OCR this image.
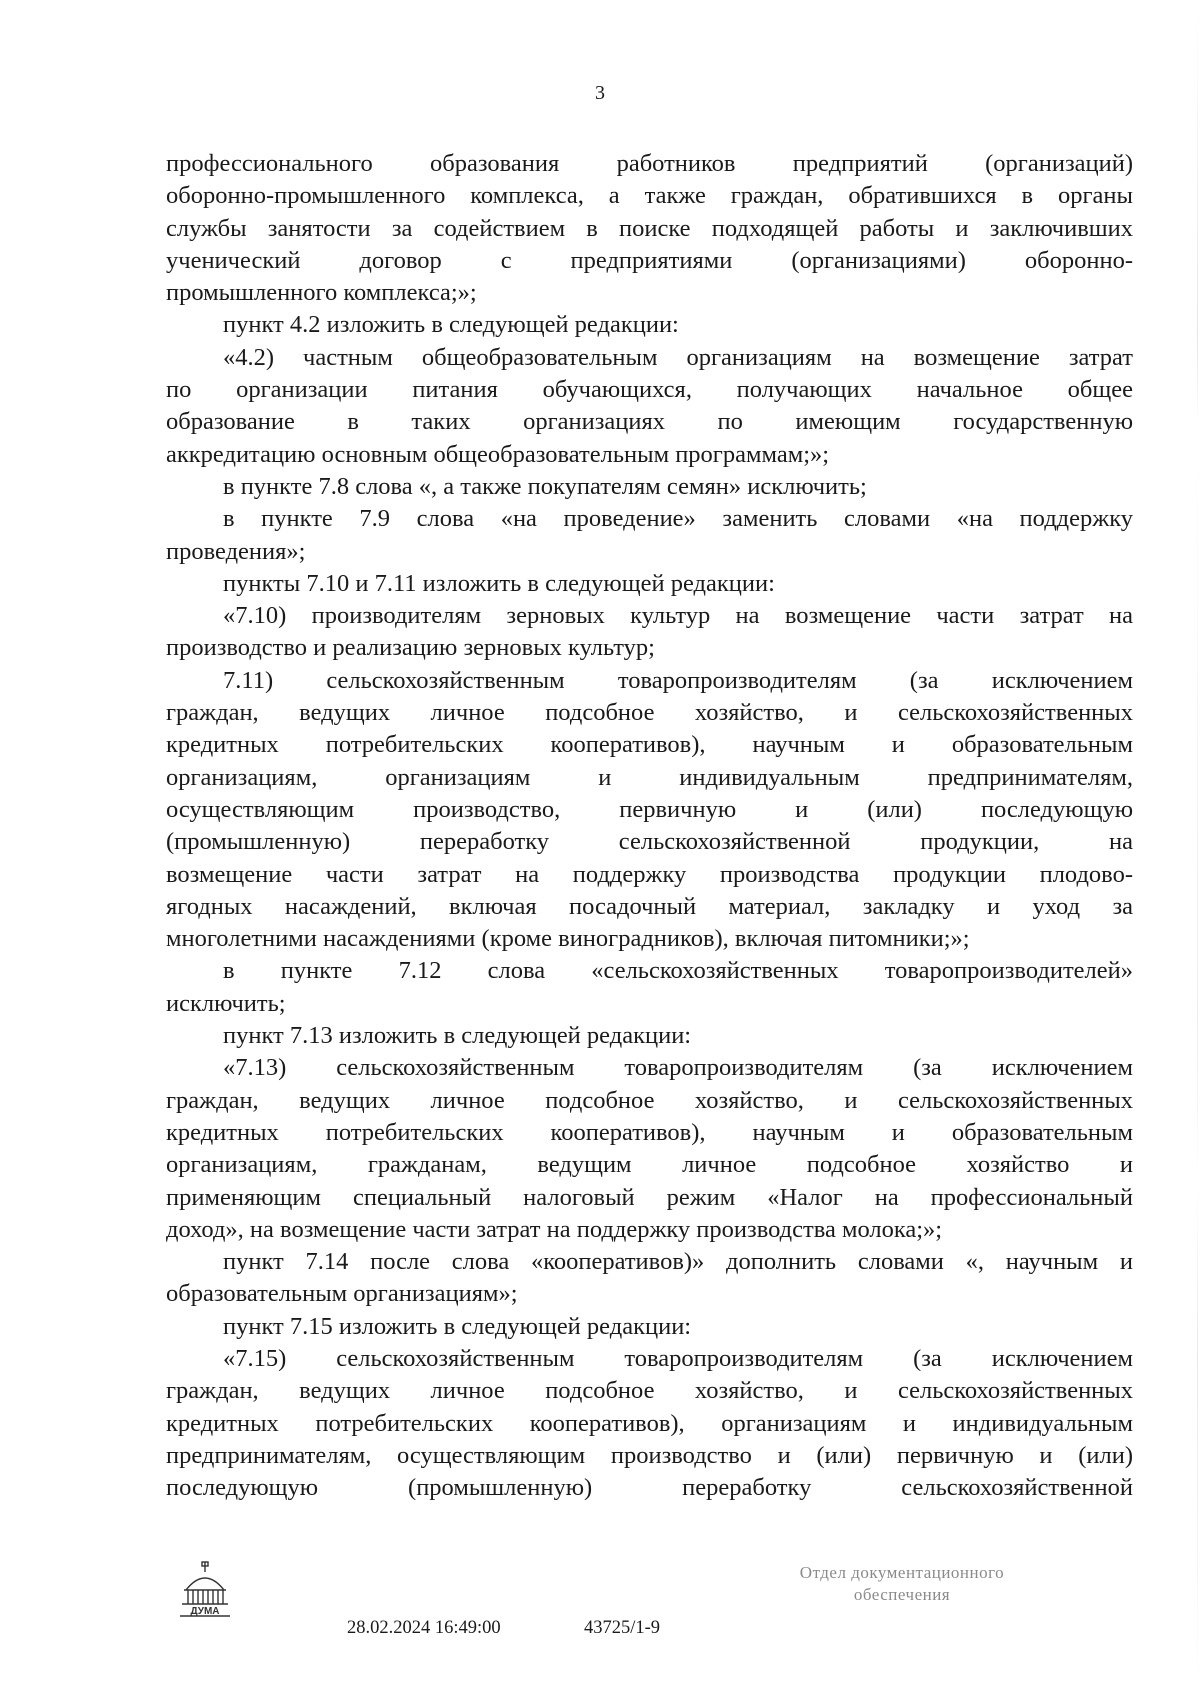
3
профессионального образования работников предприятий (организаций)
оборонно-промышленного комплекса, а также граждан, обратившихся в органы
службы занятости за содействием в поиске подходящей работы и заключивших
ученический договор с предприятиями (организациями) оборонно-
промышленного комплекса;»;
пункт 4.2 изложить в следующей редакции:
«4.2) частным общеобразовательным организациям на возмещение затрат
по организации питания обучающихся, получающих начальное общее
образование в таких организациях по имеющим государственную
аккредитацию основным общеобразовательным программам;»;
в пункте 7.8 слова «, а также покупателям семян» исключить;
в пункте 7.9 слова «на проведение» заменить словами «на поддержку
проведения»;
пункты 7.10 и 7.11 изложить в следующей редакции:
«7.10) производителям зерновых культур на возмещение части затрат на
производство и реализацию зерновых культур;
7.11) сельскохозяйственным товаропроизводителям (за исключением
граждан, ведущих личное подсобное хозяйство, и сельскохозяйственных
кредитных потребительских кооперативов), научным и образовательным
организациям, организациям и индивидуальным предпринимателям,
осуществляющим производство, первичную и (или) последующую
(промышленную) переработку сельскохозяйственной продукции, на
возмещение части затрат на поддержку производства продукции плодово-
ягодных насаждений, включая посадочный материал, закладку и уход за
многолетними насаждениями (кроме виноградников), включая питомники;»;
в пункте 7.12 слова «сельскохозяйственных товаропроизводителей»
исключить;
пункт 7.13 изложить в следующей редакции:
«7.13) сельскохозяйственным товаропроизводителям (за исключением
граждан, ведущих личное подсобное хозяйство, и сельскохозяйственных
кредитных потребительских кооперативов), научным и образовательным
организациям, гражданам, ведущим личное подсобное хозяйство и
применяющим специальный налоговый режим «Налог на профессиональный
доход», на возмещение части затрат на поддержку производства молока;»;
пункт 7.14 после слова «кооперативов)» дополнить словами «, научным и
образовательным организациям»;
пункт 7.15 изложить в следующей редакции:
«7.15) сельскохозяйственным товаропроизводителям (за исключением
граждан, ведущих личное подсобное хозяйство, и сельскохозяйственных
кредитных потребительских кооперативов), организациям и индивидуальным
предпринимателям, осуществляющим производство и (или) первичную и (или)
последующую (промышленную) переработку сельскохозяйственной
ДУМА
28.02.2024 16:49:00	43725/1-9
Отдел документационного
обеспечения
